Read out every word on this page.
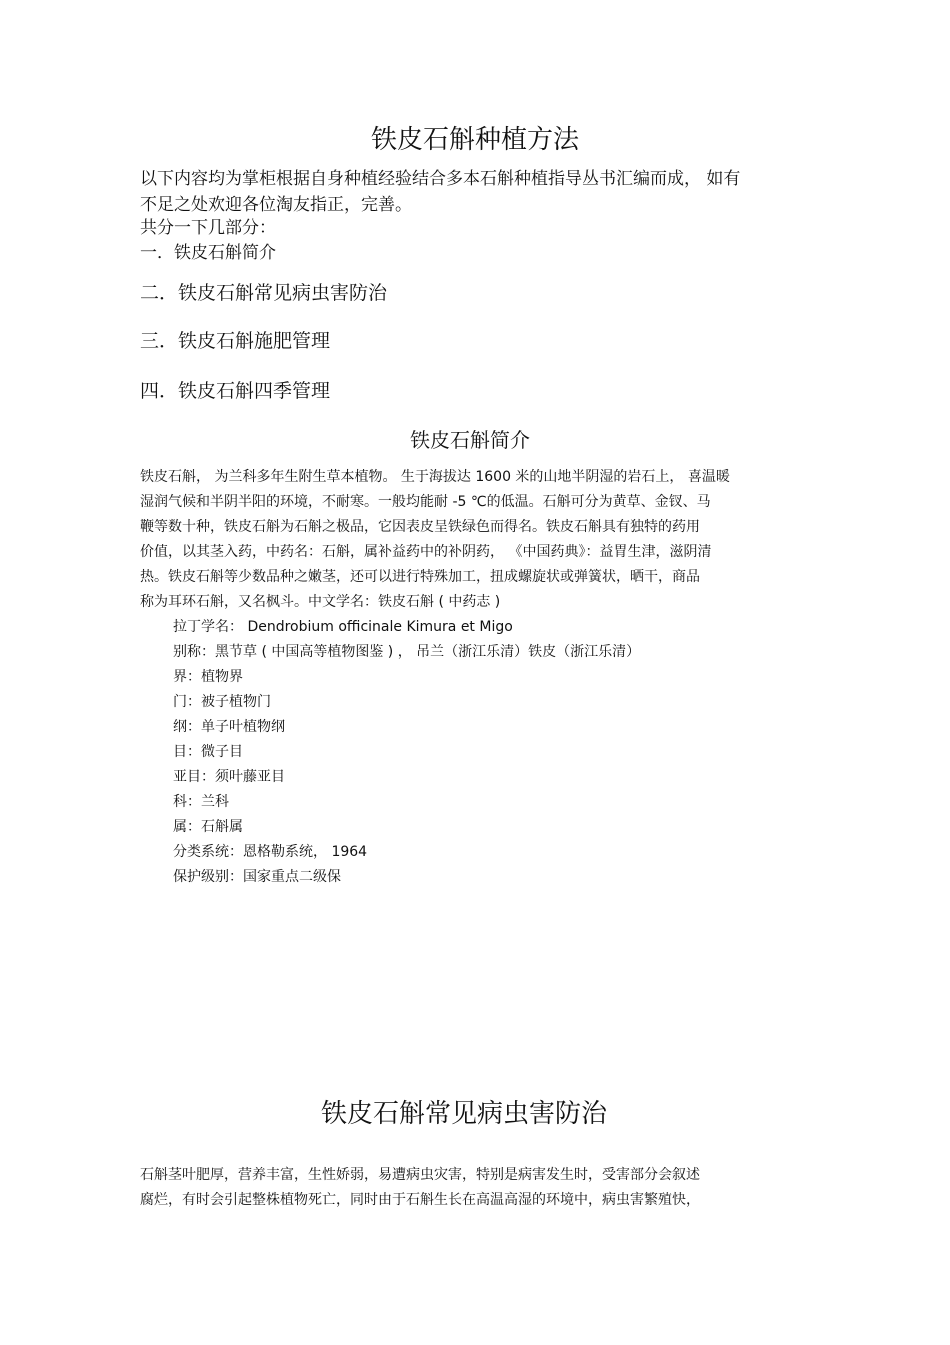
铁皮石斛种植方法
以下内容均为掌柜根据自身种植经验结合多本石斛种植指导丛书汇编而成， 如有
不足之处欢迎各位淘友指正，完善。
共分一下几部分：
一．铁皮石斛简介
二．铁皮石斛常见病虫害防治
三．铁皮石斛施肥管理
四．铁皮石斛四季管理
铁皮石斛简介
铁皮石斛， 为兰科多年生附生草本植物。 生于海拔达 1600 米的山地半阴湿的岩石上， 喜温暖
湿润气候和半阴半阳的环境，不耐寒。一般均能耐 -5 ℃的低温。石斛可分为黄草、金钗、马
鞭等数十种，铁皮石斛为石斛之极品，它因表皮呈铁绿色而得名。铁皮石斛具有独特的药用
价值，以其茎入药，中药名：石斛，属补益药中的补阴药， 《中国药典》：益胃生津，滋阴清
热。铁皮石斛等少数品种之嫩茎，还可以进行特殊加工，扭成螺旋状或弹簧状，晒干，商品
称为耳环石斛，又名枫斗。中文学名：铁皮石斛 ( 中药志 )
拉丁学名： Dendrobium officinale Kimura et Migo
别称：黑节草 ( 中国高等植物图鉴 ) ， 吊兰（浙江乐清）铁皮（浙江乐清）
界：植物界
门：被子植物门
纲：单子叶植物纲
目：微子目
亚目：须叶藤亚目
科：兰科
属：石斛属
分类系统：恩格勒系统， 1964
保护级别：国家重点二级保
铁皮石斛常见病虫害防治
石斛茎叶肥厚，营养丰富，生性娇弱，易遭病虫灾害，特别是病害发生时，受害部分会叙述
腐烂，有时会引起整株植物死亡，同时由于石斛生长在高温高湿的环境中，病虫害繁殖快，
